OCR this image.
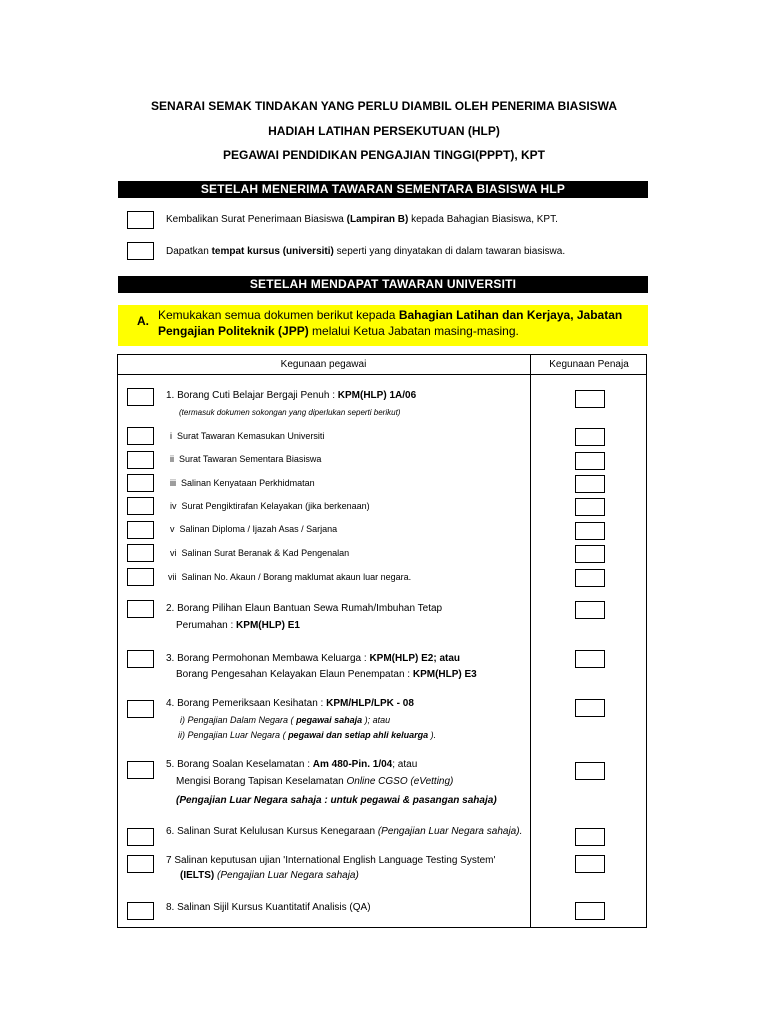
SENARAI SEMAK TINDAKAN YANG PERLU DIAMBIL OLEH PENERIMA BIASISWA
HADIAH LATIHAN PERSEKUTUAN (HLP)
PEGAWAI PENDIDIKAN PENGAJIAN TINGGI(PPPT), KPT
SETELAH MENERIMA TAWARAN SEMENTARA BIASISWA HLP
Kembalikan Surat Penerimaan Biasiswa (Lampiran B) kepada Bahagian Biasiswa, KPT.
Dapatkan tempat kursus (universiti) seperti yang dinyatakan di dalam tawaran biasiswa.
SETELAH MENDAPAT TAWARAN UNIVERSITI
A. Kemukakan semua dokumen berikut kepada Bahagian Latihan dan Kerjaya, Jabatan
Pengajian Politeknik (JPP) melalui Ketua Jabatan masing-masing.
Kegunaan pegawai	Kegunaan Penaja
1. Borang Cuti Belajar Bergaji Penuh : KPM(HLP) 1A/06
(termasuk dokumen sokongan yang diperlukan seperti berikut)
i Surat Tawaran Kemasukan Universiti
ii Surat Tawaran Sementara Biasiswa
iii Salinan Kenyataan Perkhidmatan
iv Surat Pengiktirafan Kelayakan (jika berkenaan)
v Salinan Diploma / Ijazah Asas / Sarjana
vi Salinan Surat Beranak & Kad Pengenalan
vii Salinan No. Akaun / Borang maklumat akaun luar negara.
2. Borang Pilihan Elaun Bantuan Sewa Rumah/Imbuhan Tetap
Perumahan : KPM(HLP) E1
3. Borang Permohonan Membawa Keluarga : KPM(HLP) E2; atau
Borang Pengesahan Kelayakan Elaun Penempatan : KPM(HLP) E3
4. Borang Pemeriksaan Kesihatan : KPM/HLP/LPK - 08
i) Pengajian Dalam Negara ( pegawai sahaja ); atau
ii) Pengajian Luar Negara ( pegawai dan setiap ahli keluarga ).
5. Borang Soalan Keselamatan : Am 480-Pin. 1/04; atau
Mengisi Borang Tapisan Keselamatan Online CGSO (eVetting)
(Pengajian Luar Negara sahaja : untuk pegawai & pasangan sahaja)
6. Salinan Surat Kelulusan Kursus Kenegaraan (Pengajian Luar Negara sahaja).
7 Salinan keputusan ujian 'International English Language Testing System'
(IELTS) (Pengajian Luar Negara sahaja)
8. Salinan Sijil Kursus Kuantitatif Analisis (QA)
